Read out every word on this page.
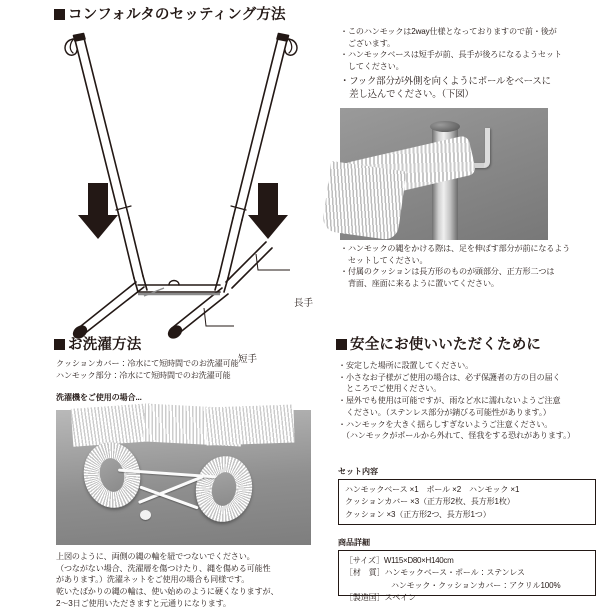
コンフォルタのセッティング方法
長手
短手
お洗濯方法

クッションカバー：冷水にて短時間でのお洗濯可能

ハンモック部分：冷水にて短時間でのお洗濯可能

洗濯機をご使用の場合...

上図のように、両側の縄の輪を紐でつないでください。

（つながない場合、洗濯層を傷つけたり、縄を傷める可能性

があります。）洗濯ネットをご使用の場合も同様です。

乾いたばかりの縄の輪は、使い始めのように硬くなりますが、

2〜3日ご使用いただきますと元通りになります。

・このハンモックは2way仕様となっておりますので前・後が

　ございます。

・ハンモックベースは短手が前、長手が後ろになるようセット

　してください。

・フック部分が外側を向くようにポールをベースに

　差し込んでください。（下図）

・ハンモックの縄をかける際は、足を伸ばす部分が前になるよう

　セットしてください。

・付属のクッションは長方形のものが頭部分、正方形二つは

　背面、座面に来るように置いてください。

安全にお使いいただくために

・安定した場所に設置してください。

・小さなお子様がご使用の場合は、必ず保護者の方の目の届く

　ところでご使用ください。

・屋外でも使用は可能ですが、雨など水に濡れないようご注意

　ください。（ステンレス部分が錆びる可能性があります。）

・ハンモックを大きく揺らしすぎないようご注意ください。

　（ハンモックがポールから外れて、怪我をする恐れがあります。）

セット内容

ハンモックベース ×1　ポール ×2　ハンモック ×1

クッションカバー ×3（正方形2枚、長方形1枚）

クッション ×3（正方形2つ、長方形1つ）

商品詳細

［サイズ］W115×D80×H140cm

［材　質］ハンモックベース・ポール：ステンレス

ハンモック・クッションカバー：アクリル100%

［製造国］スペイン
